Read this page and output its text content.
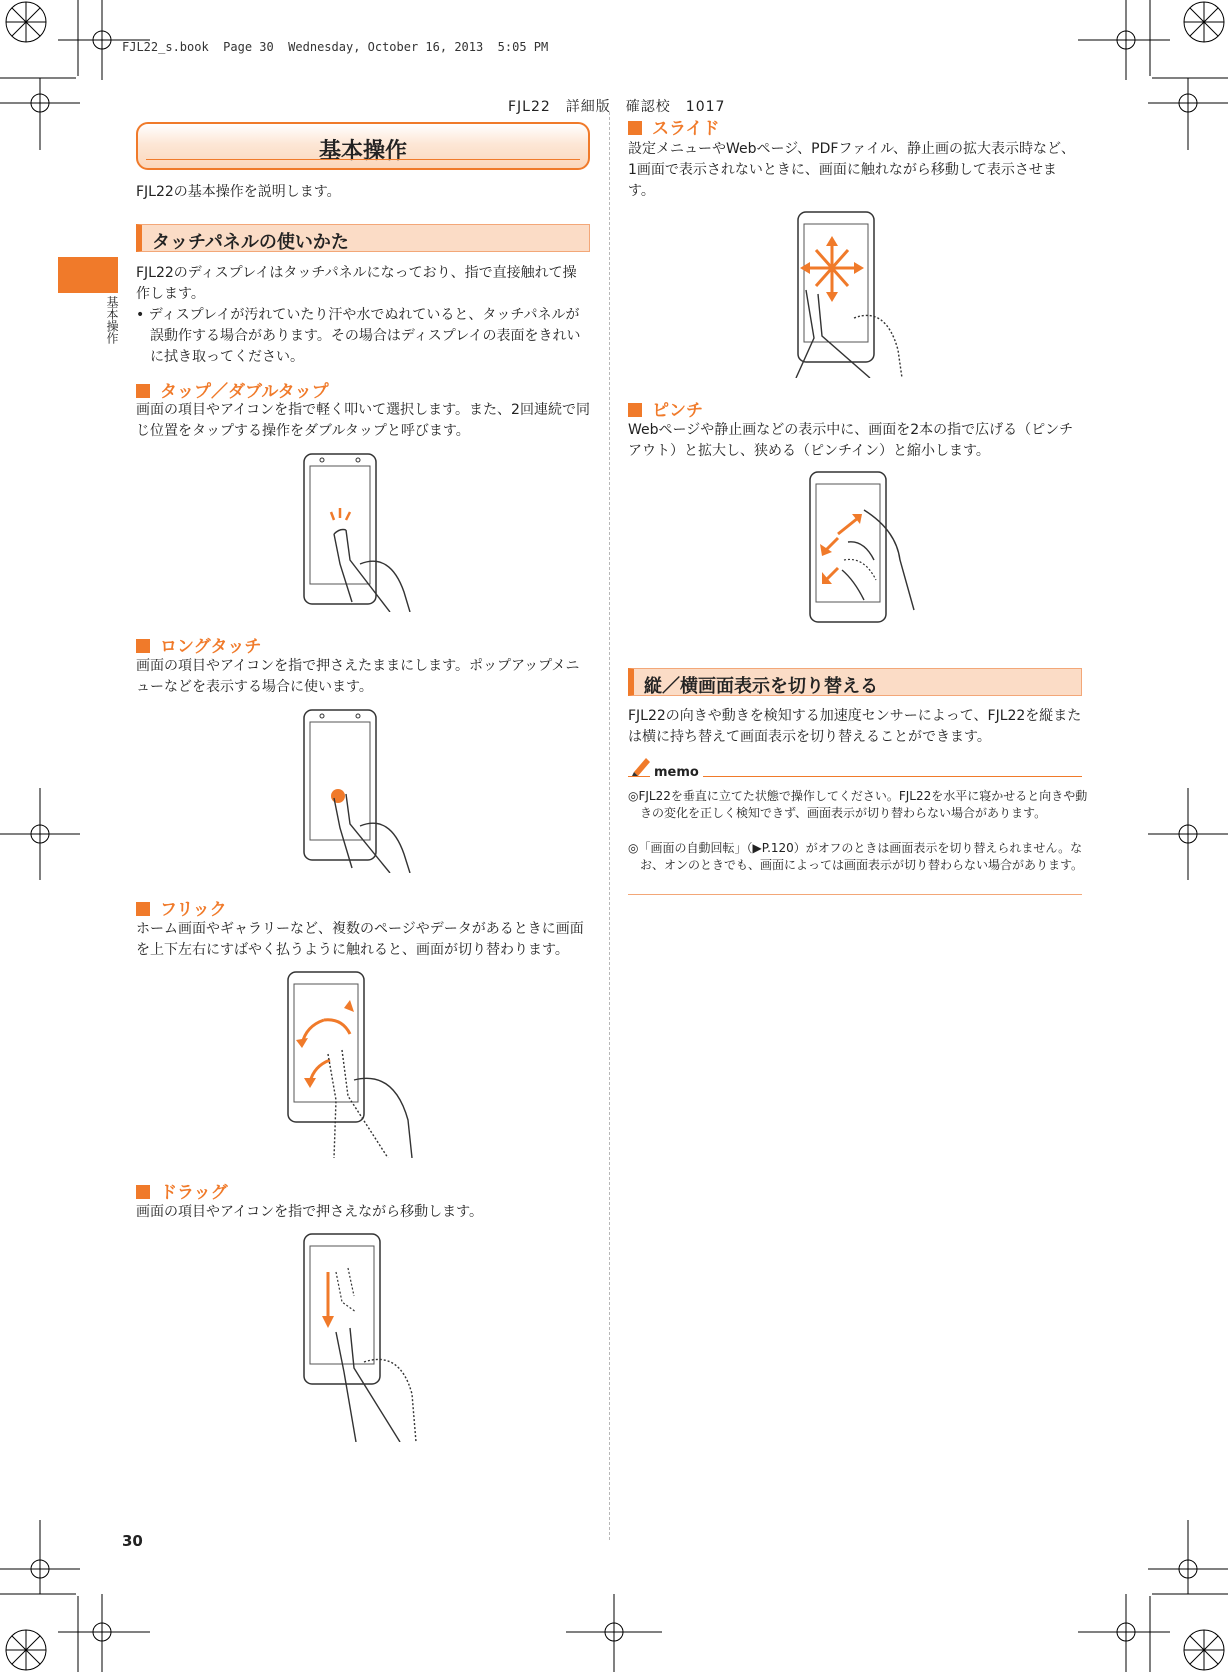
FJL22_s.book  Page 30  Wednesday, October 16, 2013  5:05 PM
FJL22　詳細版　確認校　1017
基本操作
基本操作
FJL22の基本操作を説明します。
タッチパネルの使いかた
FJL22のディスプレイはタッチパネルになっており、指で直接触れて操作します。
• ディスプレイが汚れていたり汗や水でぬれていると、タッチパネルが誤動作する場合があります。その場合はディスプレイの表面をきれいに拭き取ってください。
タップ／ダブルタップ
画面の項目やアイコンを指で軽く叩いて選択します。また、2回連続で同じ位置をタップする操作をダブルタップと呼びます。
ロングタッチ
画面の項目やアイコンを指で押さえたままにします。ポップアップメニューなどを表示する場合に使います。
フリック
ホーム画面やギャラリーなど、複数のページやデータがあるときに画面を上下左右にすばやく払うように触れると、画面が切り替わります。
ドラッグ
画面の項目やアイコンを指で押さえながら移動します。
30
スライド
設定メニューやWebページ、PDFファイル、静止画の拡大表示時など、1画面で表示されないときに、画面に触れながら移動して表示させます。
ピンチ
Webページや静止画などの表示中に、画面を2本の指で広げる（ピンチアウト）と拡大し、狭める（ピンチイン）と縮小します。
縦／横画面表示を切り替える
FJL22の向きや動きを検知する加速度センサーによって、FJL22を縦または横に持ち替えて画面表示を切り替えることができます。
memo
◎FJL22を垂直に立てた状態で操作してください。FJL22を水平に寝かせると向きや動きの変化を正しく検知できず、画面表示が切り替わらない場合があります。
◎「画面の自動回転」（▶P.120）がオフのときは画面表示を切り替えられません。なお、オンのときでも、画面によっては画面表示が切り替わらない場合があります。
